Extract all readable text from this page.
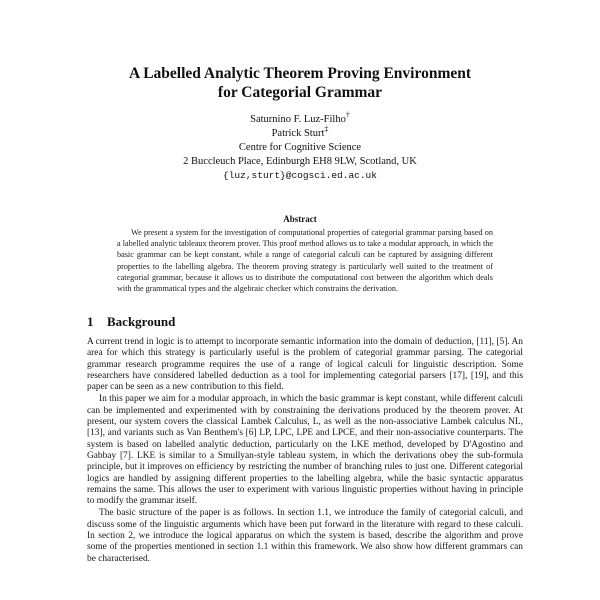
A Labelled Analytic Theorem Proving Environment
for Categorial Grammar
Saturnino F. Luz-Filho†
Patrick Sturt‡
Centre for Cognitive Science
2 Buccleuch Place, Edinburgh EH8 9LW, Scotland, UK
{luz,sturt}@cogsci.ed.ac.uk
Abstract
We present a system for the investigation of computational properties of categorial grammar parsing based on a labelled analytic tableaux theorem prover. This proof method allows us to take a modular approach, in which the basic grammar can be kept constant, while a range of categorial calculi can be captured by assigning different properties to the labelling algebra. The theorem proving strategy is particularly well suited to the treatment of categorial grammar, because it allows us to distribute the computational cost between the algorithm which deals with the grammatical types and the algebraic checker which constrains the derivation.
1 Background

A current trend in logic is to attempt to incorporate semantic information into the domain of deduction, [11], [5]. An area for which this strategy is particularly useful is the problem of categorial grammar parsing. The categorial grammar research programme requires the use of a range of logical calculi for linguistic description. Some researchers have considered labelled deduction as a tool for implementing categorial parsers [17], [19], and this paper can be seen as a new contribution to this field.

In this paper we aim for a modular approach, in which the basic grammar is kept constant, while different calculi can be implemented and experimented with by constraining the derivations produced by the theorem prover. At present, our system covers the classical Lambek Calculus, L, as well as the non-associative Lambek calculus NL, [13], and variants such as Van Benthem's [6] LP, LPC, LPE and LPCE, and their non-associative counterparts. The system is based on labelled analytic deduction, particularly on the LKE method, developed by D'Agostino and Gabbay [7]. LKE is similar to a Smullyan-style tableau system, in which the derivations obey the sub-formula principle, but it improves on efficiency by restricting the number of branching rules to just one. Different categorial logics are handled by assigning different properties to the labelling algebra, while the basic syntactic apparatus remains the same. This allows the user to experiment with various linguistic properties without having in principle to modify the grammar itself.

The basic structure of the paper is as follows. In section 1.1, we introduce the family of categorial calculi, and discuss some of the linguistic arguments which have been put forward in the literature with regard to these calculi. In section 2, we introduce the logical apparatus on which the system is based, describe the algorithm and prove some of the properties mentioned in section 1.1 within this framework. We also show how different grammars can be characterised.
